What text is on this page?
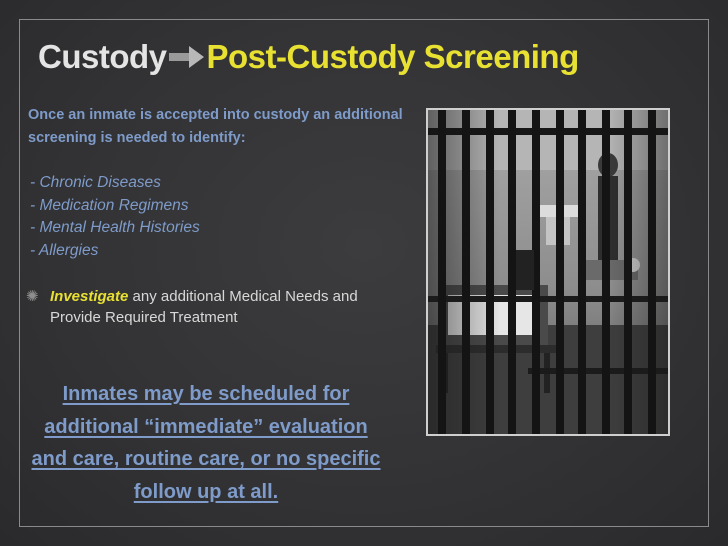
Custody Post-Custody Screening

Once an inmate is accepted into custody an additional screening is needed to identify:

- Chronic Diseases
- Medication Regimens
- Mental Health Histories
- Allergies
✺ Investigate any additional Medical Needs and Provide Required Treatment

Inmates may be scheduled for additional “immediate” evaluation and care, routine care, or no specific follow up at all.
